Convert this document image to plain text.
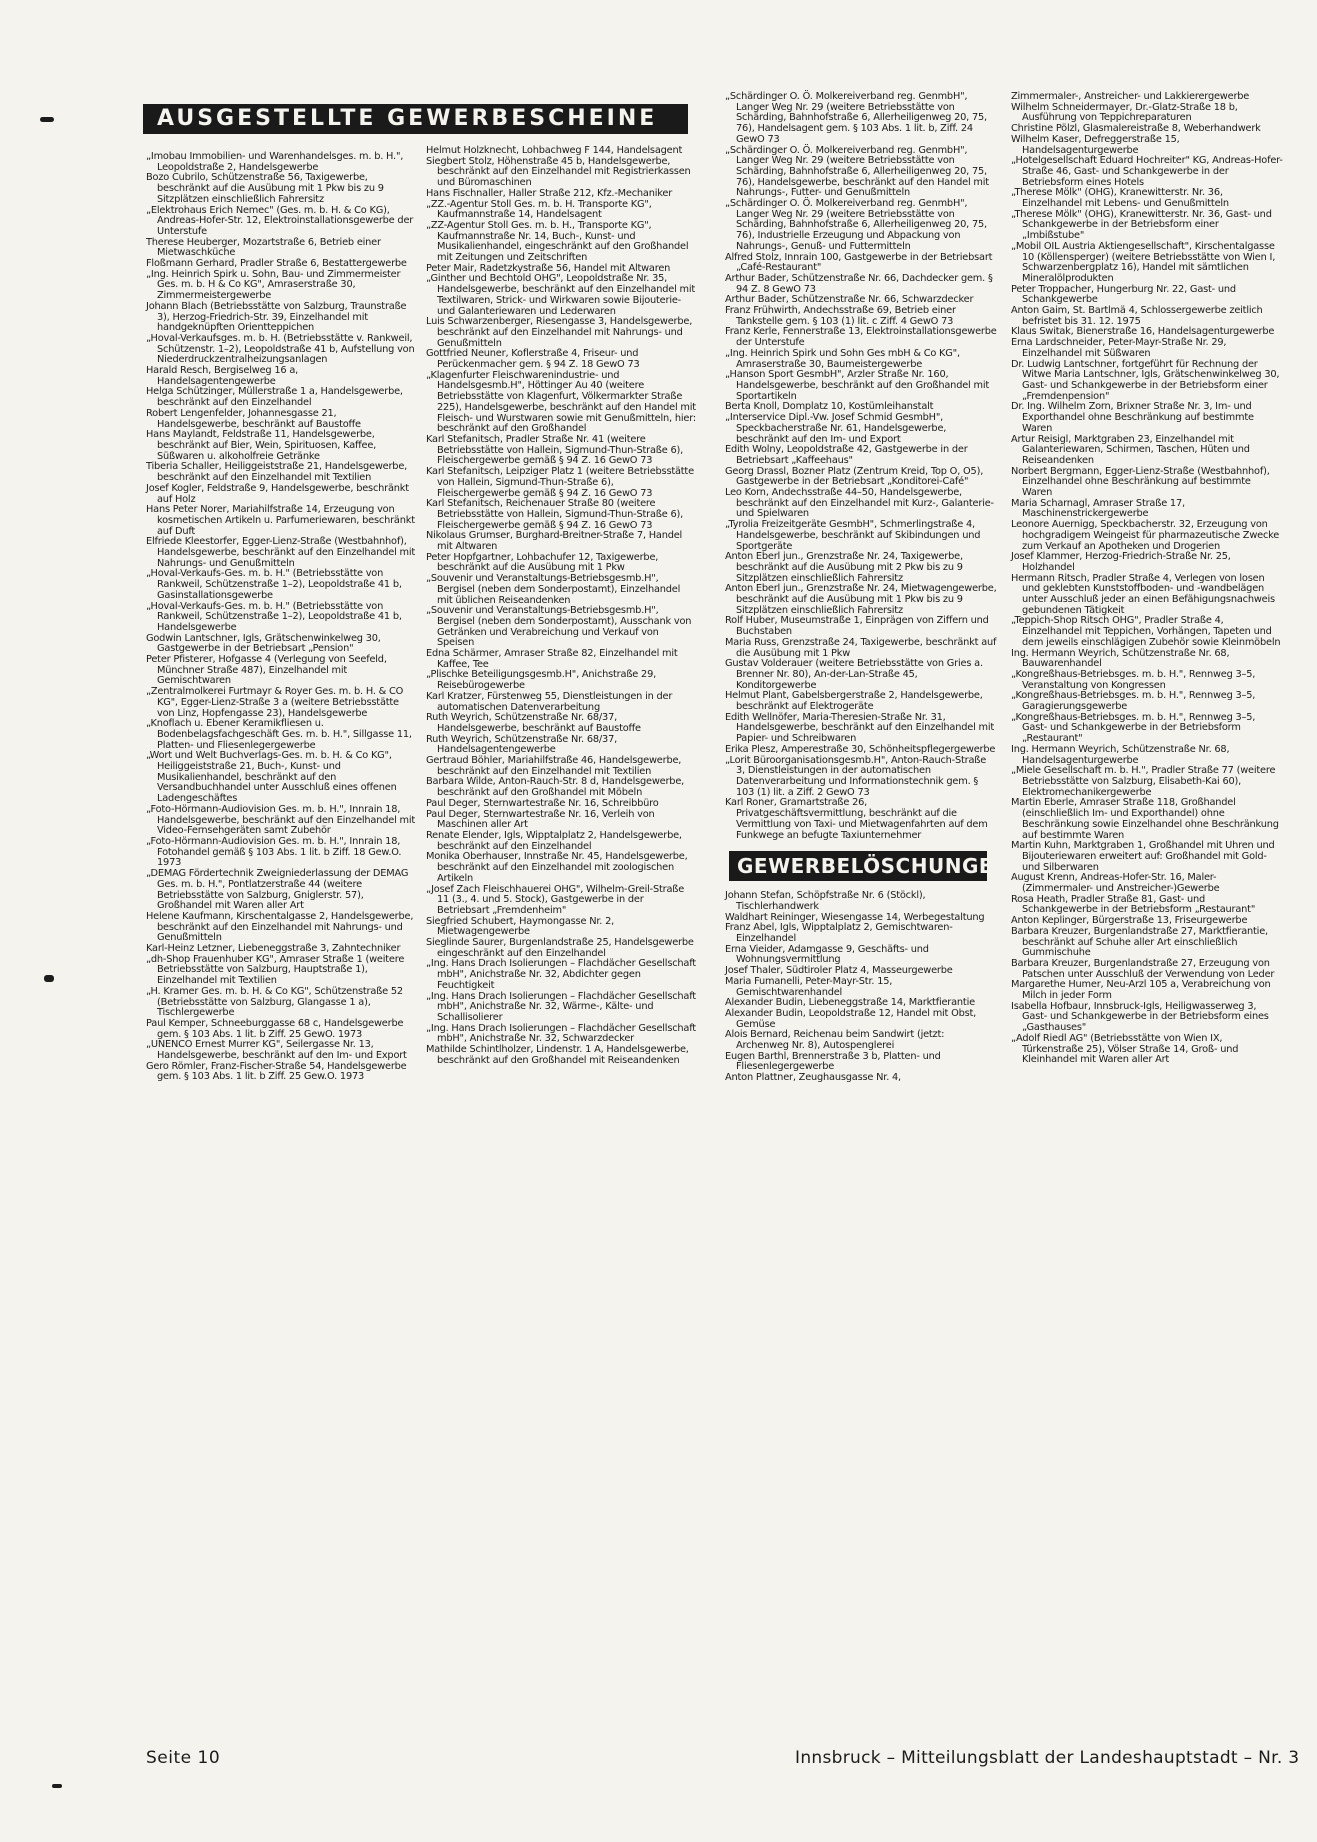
AUSGESTELLTE GEWERBESCHEINE

„Imobau Immobilien- und Warenhandelsges. m. b. H.", Leopoldstraße 2, Handelsgewerbe

Bozo Cubrilo, Schützenstraße 56, Taxigewerbe, beschränkt auf die Ausübung mit 1 Pkw bis zu 9 Sitzplätzen einschließlich Fahrersitz

„Elektrohaus Erich Nemec" (Ges. m. b. H. & Co KG), Andreas-Hofer-Str. 12, Elektroinstallationsgewerbe der Unterstufe

Therese Heuberger, Mozartstraße 6, Betrieb einer Mietwaschküche

Floßmann Gerhard, Pradler Straße 6, Bestattergewerbe

„Ing. Heinrich Spirk u. Sohn, Bau- und Zimmermeister Ges. m. b. H & Co KG", Amraserstraße 30, Zimmermeistergewerbe

Johann Blach (Betriebsstätte von Salzburg, Traunstraße 3), Herzog-Friedrich-Str. 39, Einzelhandel mit handgeknüpften Orientteppichen

„Hoval-Verkaufsges. m. b. H. (Betriebsstätte v. Rankweil, Schützenstr. 1–2), Leopoldstraße 41 b, Aufstellung von Niederdruckzentralheizungsanlagen

Harald Resch, Bergiselweg 16 a, Handelsagentengewerbe

Helga Schützinger, Müllerstraße 1 a, Handelsgewerbe, beschränkt auf den Einzelhandel

Robert Lengenfelder, Johannesgasse 21, Handelsgewerbe, beschränkt auf Baustoffe

Hans Maylandt, Feldstraße 11, Handelsgewerbe, beschränkt auf Bier, Wein, Spirituosen, Kaffee, Süßwaren u. alkoholfreie Getränke

Tiberia Schaller, Heiliggeiststraße 21, Handelsgewerbe, beschränkt auf den Einzelhandel mit Textilien

Josef Kogler, Feldstraße 9, Handelsgewerbe, beschränkt auf Holz

Hans Peter Norer, Mariahilfstraße 14, Erzeugung von kosmetischen Artikeln u. Parfumeriewaren, beschränkt auf Duft

Elfriede Kleestorfer, Egger-Lienz-Straße (Westbahnhof), Handelsgewerbe, beschränkt auf den Einzelhandel mit Nahrungs- und Genußmitteln

„Hoval-Verkaufs-Ges. m. b. H." (Betriebsstätte von Rankweil, Schützenstraße 1–2), Leopoldstraße 41 b, Gasinstallationsgewerbe

„Hoval-Verkaufs-Ges. m. b. H." (Betriebsstätte von Rankweil, Schützenstraße 1–2), Leopoldstraße 41 b, Handelsgewerbe

Godwin Lantschner, Igls, Grätschenwinkelweg 30, Gastgewerbe in der Betriebsart „Pension"

Peter Pfisterer, Hofgasse 4 (Verlegung von Seefeld, Münchner Straße 487), Einzelhandel mit Gemischtwaren

„Zentralmolkerei Furtmayr & Royer Ges. m. b. H. & CO KG", Egger-Lienz-Straße 3 a (weitere Betriebsstätte von Linz, Hopfengasse 23), Handelsgewerbe

„Knoflach u. Ebener Keramikfliesen u. Bodenbelagsfachgeschäft Ges. m. b. H.", Sillgasse 11, Platten- und Fliesenlegergewerbe

„Wort und Welt Buchverlags-Ges. m. b. H. & Co KG", Heiliggeiststraße 21, Buch-, Kunst- und Musikalienhandel, beschränkt auf den Versandbuchhandel unter Ausschluß eines offenen Ladengeschäftes

„Foto-Hörmann-Audiovision Ges. m. b. H.", Innrain 18, Handelsgewerbe, beschränkt auf den Einzelhandel mit Video-Fernsehgeräten samt Zubehör

„Foto-Hörmann-Audiovision Ges. m. b. H.", Innrain 18, Fotohandel gemäß § 103 Abs. 1 lit. b Ziff. 18 Gew.O. 1973

„DEMAG Fördertechnik Zweigniederlassung der DEMAG Ges. m. b. H.", Pontlatzerstraße 44 (weitere Betriebsstätte von Salzburg, Gniglerstr. 57), Großhandel mit Waren aller Art

Helene Kaufmann, Kirschentalgasse 2, Handelsgewerbe, beschränkt auf den Einzelhandel mit Nahrungs- und Genußmitteln

Karl-Heinz Letzner, Liebeneggstraße 3, Zahntechniker

„dh-Shop Frauenhuber KG", Amraser Straße 1 (weitere Betriebsstätte von Salzburg, Hauptstraße 1), Einzelhandel mit Textilien

„H. Kramer Ges. m. b. H. & Co KG", Schützenstraße 52 (Betriebsstätte von Salzburg, Glangasse 1 a), Tischlergewerbe

Paul Kemper, Schneeburggasse 68 c, Handelsgewerbe gem. § 103 Abs. 1 lit. b Ziff. 25 GewO. 1973

„UNENCO Ernest Murrer KG", Seilergasse Nr. 13, Handelsgewerbe, beschränkt auf den Im- und Export

Gero Römler, Franz-Fischer-Straße 54, Handelsgewerbe gem. § 103 Abs. 1 lit. b Ziff. 25 Gew.O. 1973

Helmut Holzknecht, Lohbachweg F 144, Handelsagent

Siegbert Stolz, Höhenstraße 45 b, Handelsgewerbe, beschränkt auf den Einzelhandel mit Registrierkassen und Büromaschinen

Hans Fischnaller, Haller Straße 212, Kfz.-Mechaniker

„ZZ.-Agentur Stoll Ges. m. b. H. Transporte KG", Kaufmannstraße 14, Handelsagent

„ZZ-Agentur Stoll Ges. m. b. H., Transporte KG", Kaufmannstraße Nr. 14, Buch-, Kunst- und Musikalienhandel, eingeschränkt auf den Großhandel mit Zeitungen und Zeitschriften

Peter Mair, Radetzkystraße 56, Handel mit Altwaren

„Ginther und Bechtold OHG", Leopoldstraße Nr. 35, Handelsgewerbe, beschränkt auf den Einzelhandel mit Textilwaren, Strick- und Wirkwaren sowie Bijouterie- und Galanteriewaren und Lederwaren

Luis Schwarzenberger, Riesengasse 3, Handelsgewerbe, beschränkt auf den Einzelhandel mit Nahrungs- und Genußmitteln

Gottfried Neuner, Koflerstraße 4, Friseur- und Perückenmacher gem. § 94 Z. 18 GewO 73

„Klagenfurter Fleischwarenindustrie- und Handelsgesmb.H", Höttinger Au 40 (weitere Betriebsstätte von Klagenfurt, Völkermarkter Straße 225), Handelsgewerbe, beschränkt auf den Handel mit Fleisch- und Wurstwaren sowie mit Genußmitteln, hier: beschränkt auf den Großhandel

Karl Stefanitsch, Pradler Straße Nr. 41 (weitere Betriebsstätte von Hallein, Sigmund-Thun-Straße 6), Fleischergewerbe gemäß § 94 Z. 16 GewO 73

Karl Stefanitsch, Leipziger Platz 1 (weitere Betriebsstätte von Hallein, Sigmund-Thun-Straße 6), Fleischergewerbe gemäß § 94 Z. 16 GewO 73

Karl Stefanitsch, Reichenauer Straße 80 (weitere Betriebsstätte von Hallein, Sigmund-Thun-Straße 6), Fleischergewerbe gemäß § 94 Z. 16 GewO 73

Nikolaus Grumser, Burghard-Breitner-Straße 7, Handel mit Altwaren

Peter Hopfgartner, Lohbachufer 12, Taxigewerbe, beschränkt auf die Ausübung mit 1 Pkw

„Souvenir und Veranstaltungs-Betriebsgesmb.H", Bergisel (neben dem Sonderpostamt), Einzelhandel mit üblichen Reiseandenken

„Souvenir und Veranstaltungs-Betriebsgesmb.H", Bergisel (neben dem Sonderpostamt), Ausschank von Getränken und Verabreichung und Verkauf von Speisen

Edna Schärmer, Amraser Straße 82, Einzelhandel mit Kaffee, Tee

„Plischke Beteiligungsgesmb.H", Anichstraße 29, Reisebürogewerbe

Karl Kratzer, Fürstenweg 55, Dienstleistungen in der automatischen Datenverarbeitung

Ruth Weyrich, Schützenstraße Nr. 68/37, Handelsgewerbe, beschränkt auf Baustoffe

Ruth Weyrich, Schützenstraße Nr. 68/37, Handelsagentengewerbe

Gertraud Böhler, Mariahilfstraße 46, Handelsgewerbe, beschränkt auf den Einzelhandel mit Textilien

Barbara Wilde, Anton-Rauch-Str. 8 d, Handelsgewerbe, beschränkt auf den Großhandel mit Möbeln

Paul Deger, Sternwartestraße Nr. 16, Schreibbüro

Paul Deger, Sternwartestraße Nr. 16, Verleih von Maschinen aller Art

Renate Elender, Igls, Wipptalplatz 2, Handelsgewerbe, beschränkt auf den Einzelhandel

Monika Oberhauser, Innstraße Nr. 45, Handelsgewerbe, beschränkt auf den Einzelhandel mit zoologischen Artikeln

„Josef Zach Fleischhauerei OHG", Wilhelm-Greil-Straße 11 (3., 4. und 5. Stock), Gastgewerbe in der Betriebsart „Fremdenheim"

Siegfried Schubert, Haymongasse Nr. 2, Mietwagengewerbe

Sieglinde Saurer, Burgenlandstraße 25, Handelsgewerbe eingeschränkt auf den Einzelhandel

„Ing. Hans Drach Isolierungen – Flachdächer Gesellschaft mbH", Anichstraße Nr. 32, Abdichter gegen Feuchtigkeit

„Ing. Hans Drach Isolierungen – Flachdächer Gesellschaft mbH", Anichstraße Nr. 32, Wärme-, Kälte- und Schallisolierer

„Ing. Hans Drach Isolierungen – Flachdächer Gesellschaft mbH", Anichstraße Nr. 32, Schwarzdecker

Mathilde Schintlholzer, Lindenstr. 1 A, Handelsgewerbe, beschränkt auf den Großhandel mit Reiseandenken

„Schärdinger O. Ö. Molkereiverband reg. GenmbH", Langer Weg Nr. 29 (weitere Betriebsstätte von Schärding, Bahnhofstraße 6, Allerheiligenweg 20, 75, 76), Handelsagent gem. § 103 Abs. 1 lit. b, Ziff. 24 GewO 73

„Schärdinger O. Ö. Molkereiverband reg. GenmbH", Langer Weg Nr. 29 (weitere Betriebsstätte von Schärding, Bahnhofstraße 6, Allerheiligenweg 20, 75, 76), Handelsgewerbe, beschränkt auf den Handel mit Nahrungs-, Futter- und Genußmitteln

„Schärdinger O. Ö. Molkereiverband reg. GenmbH", Langer Weg Nr. 29 (weitere Betriebsstätte von Schärding, Bahnhofstraße 6, Allerheiligenweg 20, 75, 76), Industrielle Erzeugung und Abpackung von Nahrungs-, Genuß- und Futtermitteln

Alfred Stolz, Innrain 100, Gastgewerbe in der Betriebsart „Café-Restaurant"

Arthur Bader, Schützenstraße Nr. 66, Dachdecker gem. § 94 Z. 8 GewO 73

Arthur Bader, Schützenstraße Nr. 66, Schwarzdecker

Franz Frühwirth, Andechsstraße 69, Betrieb einer Tankstelle gem. § 103 (1) lit. c Ziff. 4 GewO 73

Franz Kerle, Fennerstraße 13, Elektroinstallationsgewerbe der Unterstufe

„Ing. Heinrich Spirk und Sohn Ges mbH & Co KG", Amraserstraße 30, Baumeistergewerbe

„Hanson Sport GesmbH", Arzler Straße Nr. 160, Handelsgewerbe, beschränkt auf den Großhandel mit Sportartikeln

Berta Knoll, Domplatz 10, Kostümleihanstalt

„Interservice Dipl.-Vw. Josef Schmid GesmbH", Speckbacherstraße Nr. 61, Handelsgewerbe, beschränkt auf den Im- und Export

Edith Wolny, Leopoldstraße 42, Gastgewerbe in der Betriebsart „Kaffeehaus"

Georg Drassl, Bozner Platz (Zentrum Kreid, Top O, O5), Gastgewerbe in der Betriebsart „Konditorei-Café"

Leo Korn, Andechsstraße 44–50, Handelsgewerbe, beschränkt auf den Einzelhandel mit Kurz-, Galanterie- und Spielwaren

„Tyrolia Freizeitgeräte GesmbH", Schmerlingstraße 4, Handelsgewerbe, beschränkt auf Skibindungen und Sportgeräte

Anton Eberl jun., Grenzstraße Nr. 24, Taxigewerbe, beschränkt auf die Ausübung mit 2 Pkw bis zu 9 Sitzplätzen einschließlich Fahrersitz

Anton Eberl jun., Grenzstraße Nr. 24, Mietwagengewerbe, beschränkt auf die Ausübung mit 1 Pkw bis zu 9 Sitzplätzen einschließlich Fahrersitz

Rolf Huber, Museumstraße 1, Einprägen von Ziffern und Buchstaben

Maria Russ, Grenzstraße 24, Taxigewerbe, beschränkt auf die Ausübung mit 1 Pkw

Gustav Volderauer (weitere Betriebsstätte von Gries a. Brenner Nr. 80), An-der-Lan-Straße 45, Konditorgewerbe

Helmut Plant, Gabelsbergerstraße 2, Handelsgewerbe, beschränkt auf Elektrogeräte

Edith Wellnöfer, Maria-Theresien-Straße Nr. 31, Handelsgewerbe, beschränkt auf den Einzelhandel mit Papier- und Schreibwaren

Erika Plesz, Amperestraße 30, Schönheitspflegergewerbe

„Lorit Büroorganisationsgesmb.H", Anton-Rauch-Straße 3, Dienstleistungen in der automatischen Datenverarbeitung und Informationstechnik gem. § 103 (1) lit. a Ziff. 2 GewO 73

Karl Roner, Gramartstraße 26, Privatgeschäftsvermittlung, beschränkt auf die Vermittlung von Taxi- und Mietwagenfahrten auf dem Funkwege an befugte Taxiunternehmer

GEWERBELÖSCHUNGEN

Johann Stefan, Schöpfstraße Nr. 6 (Stöckl), Tischlerhandwerk

Waldhart Reininger, Wiesengasse 14, Werbegestaltung

Franz Abel, Igls, Wipptalplatz 2, Gemischtwaren-Einzelhandel

Erna Vieider, Adamgasse 9, Geschäfts- und Wohnungsvermittlung

Josef Thaler, Südtiroler Platz 4, Masseurgewerbe

Maria Fumanelli, Peter-Mayr-Str. 15, Gemischtwarenhandel

Alexander Budin, Liebeneggstraße 14, Marktfierantie

Alexander Budin, Leopoldstraße 12, Handel mit Obst, Gemüse

Alois Bernard, Reichenau beim Sandwirt (jetzt: Archenweg Nr. 8), Autospenglerei

Eugen Barthl, Brennerstraße 3 b, Platten- und Fliesenlegergewerbe

Anton Plattner, Zeughausgasse Nr. 4,

Zimmermaler-, Anstreicher- und Lakkierergewerbe

Wilhelm Schneidermayer, Dr.-Glatz-Straße 18 b, Ausführung von Teppichreparaturen

Christine Pölzl, Glasmalereistraße 8, Weberhandwerk

Wilhelm Kaser, Defreggerstraße 15, Handelsagenturgewerbe

„Hotelgesellschaft Eduard Hochreiter" KG, Andreas-Hofer-Straße 46, Gast- und Schankgewerbe in der Betriebsform eines Hotels

„Therese Mölk" (OHG), Kranewitterstr. Nr. 36, Einzelhandel mit Lebens- und Genußmitteln

„Therese Mölk" (OHG), Kranewitterstr. Nr. 36, Gast- und Schankgewerbe in der Betriebsform einer „Imbißstube"

„Mobil OIL Austria Aktiengesellschaft", Kirschentalgasse 10 (Köllensperger) (weitere Betriebsstätte von Wien I, Schwarzenbergplatz 16), Handel mit sämtlichen Mineralölprodukten

Peter Troppacher, Hungerburg Nr. 22, Gast- und Schankgewerbe

Anton Gaim, St. Bartlmä 4, Schlossergewerbe zeitlich befristet bis 31. 12. 1975

Klaus Switak, Bienerstraße 16, Handelsagenturgewerbe

Erna Lardschneider, Peter-Mayr-Straße Nr. 29, Einzelhandel mit Süßwaren

Dr. Ludwig Lantschner, fortgeführt für Rechnung der Witwe Maria Lantschner, Igls, Grätschenwinkelweg 30, Gast- und Schankgewerbe in der Betriebsform einer „Fremdenpension"

Dr. Ing. Wilhelm Zorn, Brixner Straße Nr. 3, Im- und Exporthandel ohne Beschränkung auf bestimmte Waren

Artur Reisigl, Marktgraben 23, Einzelhandel mit Galanteriewaren, Schirmen, Taschen, Hüten und Reiseandenken

Norbert Bergmann, Egger-Lienz-Straße (Westbahnhof), Einzelhandel ohne Beschränkung auf bestimmte Waren

Maria Scharnagl, Amraser Straße 17, Maschinenstrickergewerbe

Leonore Auernigg, Speckbacherstr. 32, Erzeugung von hochgradigem Weingeist für pharmazeutische Zwecke zum Verkauf an Apotheken und Drogerien

Josef Klammer, Herzog-Friedrich-Straße Nr. 25, Holzhandel

Hermann Ritsch, Pradler Straße 4, Verlegen von losen und geklebten Kunststoffboden- und -wandbelägen unter Ausschluß jeder an einen Befähigungsnachweis gebundenen Tätigkeit

„Teppich-Shop Ritsch OHG", Pradler Straße 4, Einzelhandel mit Teppichen, Vorhängen, Tapeten und dem jeweils einschlägigen Zubehör sowie Kleinmöbeln

Ing. Hermann Weyrich, Schützenstraße Nr. 68, Bauwarenhandel

„Kongreßhaus-Betriebsges. m. b. H.", Rennweg 3–5, Veranstaltung von Kongressen

„Kongreßhaus-Betriebsges. m. b. H.", Rennweg 3–5, Garagierungsgewerbe

„Kongreßhaus-Betriebsges. m. b. H.", Rennweg 3–5, Gast- und Schankgewerbe in der Betriebsform „Restaurant"

Ing. Hermann Weyrich, Schützenstraße Nr. 68, Handelsagenturgewerbe

„Miele Gesellschaft m. b. H.", Pradler Straße 77 (weitere Betriebsstätte von Salzburg, Elisabeth-Kai 60), Elektromechanikergewerbe

Martin Eberle, Amraser Straße 118, Großhandel (einschließlich Im- und Exporthandel) ohne Beschränkung sowie Einzelhandel ohne Beschränkung auf bestimmte Waren

Martin Kuhn, Marktgraben 1, Großhandel mit Uhren und Bijouteriewaren erweitert auf: Großhandel mit Gold- und Silberwaren

August Krenn, Andreas-Hofer-Str. 16, Maler-(Zimmermaler- und Anstreicher-)Gewerbe

Rosa Heath, Pradler Straße 81, Gast- und Schankgewerbe in der Betriebsform „Restaurant"

Anton Keplinger, Bürgerstraße 13, Friseurgewerbe

Barbara Kreuzer, Burgenlandstraße 27, Marktfierantie, beschränkt auf Schuhe aller Art einschließlich Gummischuhe

Barbara Kreuzer, Burgenlandstraße 27, Erzeugung von Patschen unter Ausschluß der Verwendung von Leder

Margarethe Humer, Neu-Arzl 105 a, Verabreichung von Milch in jeder Form

Isabella Hofbaur, Innsbruck-Igls, Heiligwasserweg 3, Gast- und Schankgewerbe in der Betriebsform eines „Gasthauses"

„Adolf Riedl AG" (Betriebsstätte von Wien IX, Türkenstraße 25), Völser Straße 14, Groß- und Kleinhandel mit Waren aller Art

Seite 10	Innsbruck – Mitteilungsblatt der Landeshauptstadt – Nr. 3
